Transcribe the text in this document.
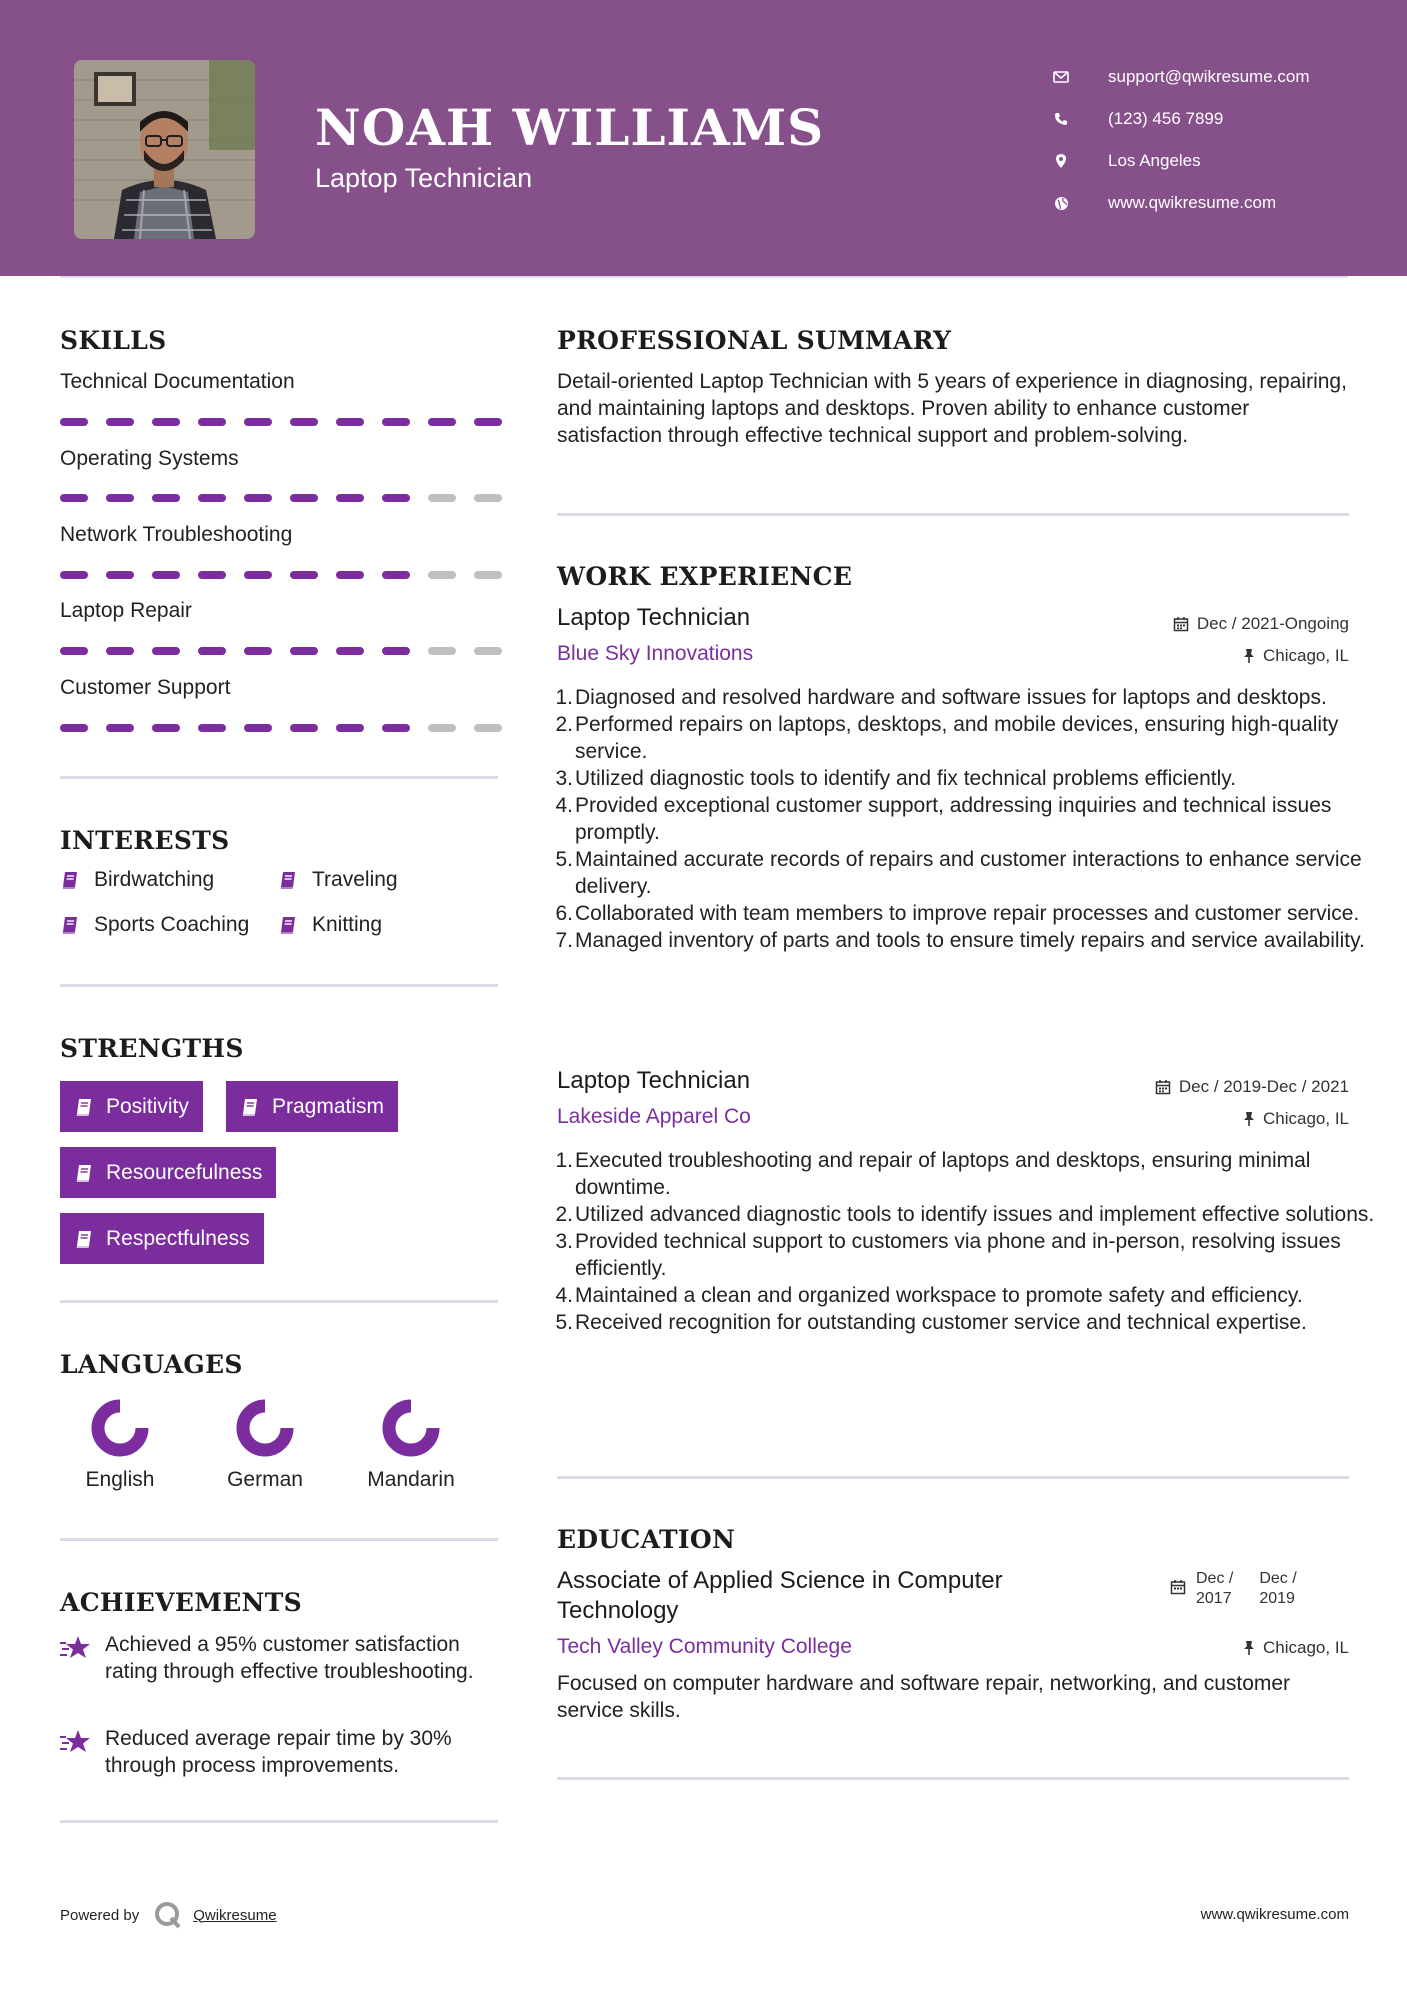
NOAH WILLIAMS
Laptop Technician
support@qwikresume.com
(123) 456 7899
Los Angeles
www.qwikresume.com
SKILLS
Technical Documentation
Operating Systems
Network Troubleshooting
Laptop Repair
Customer Support
INTERESTS
Birdwatching	Traveling
Sports Coaching	Knitting
STRENGTHS
Positivity	Pragmatism
Resourcefulness
Respectfulness
LANGUAGES
English	German	Mandarin
ACHIEVEMENTS
Achieved a 95% customer satisfaction rating through effective troubleshooting.
Reduced average repair time by 30% through process improvements.
PROFESSIONAL SUMMARY
Detail-oriented Laptop Technician with 5 years of experience in diagnosing, repairing, and maintaining laptops and desktops. Proven ability to enhance customer satisfaction through effective technical support and problem-solving.
WORK EXPERIENCE
Laptop Technician	Dec / 2021-Ongoing
Blue Sky Innovations	Chicago, IL
Diagnosed and resolved hardware and software issues for laptops and desktops.
Performed repairs on laptops, desktops, and mobile devices, ensuring high-quality service.
Utilized diagnostic tools to identify and fix technical problems efficiently.
Provided exceptional customer support, addressing inquiries and technical issues promptly.
Maintained accurate records of repairs and customer interactions to enhance service delivery.
Collaborated with team members to improve repair processes and customer service.
Managed inventory of parts and tools to ensure timely repairs and service availability.
Laptop Technician	Dec / 2019-Dec / 2021
Lakeside Apparel Co	Chicago, IL
Executed troubleshooting and repair of laptops and desktops, ensuring minimal downtime.
Utilized advanced diagnostic tools to identify issues and implement effective solutions.
Provided technical support to customers via phone and in-person, resolving issues efficiently.
Maintained a clean and organized workspace to promote safety and efficiency.
Received recognition for outstanding customer service and technical expertise.
EDUCATION
Associate of Applied Science in Computer
Technology
Dec /
2017
Dec /
2019
Tech Valley Community College	Chicago, IL
Focused on computer hardware and software repair, networking, and customer service skills.
Powered by	Qwikresume	www.qwikresume.com
